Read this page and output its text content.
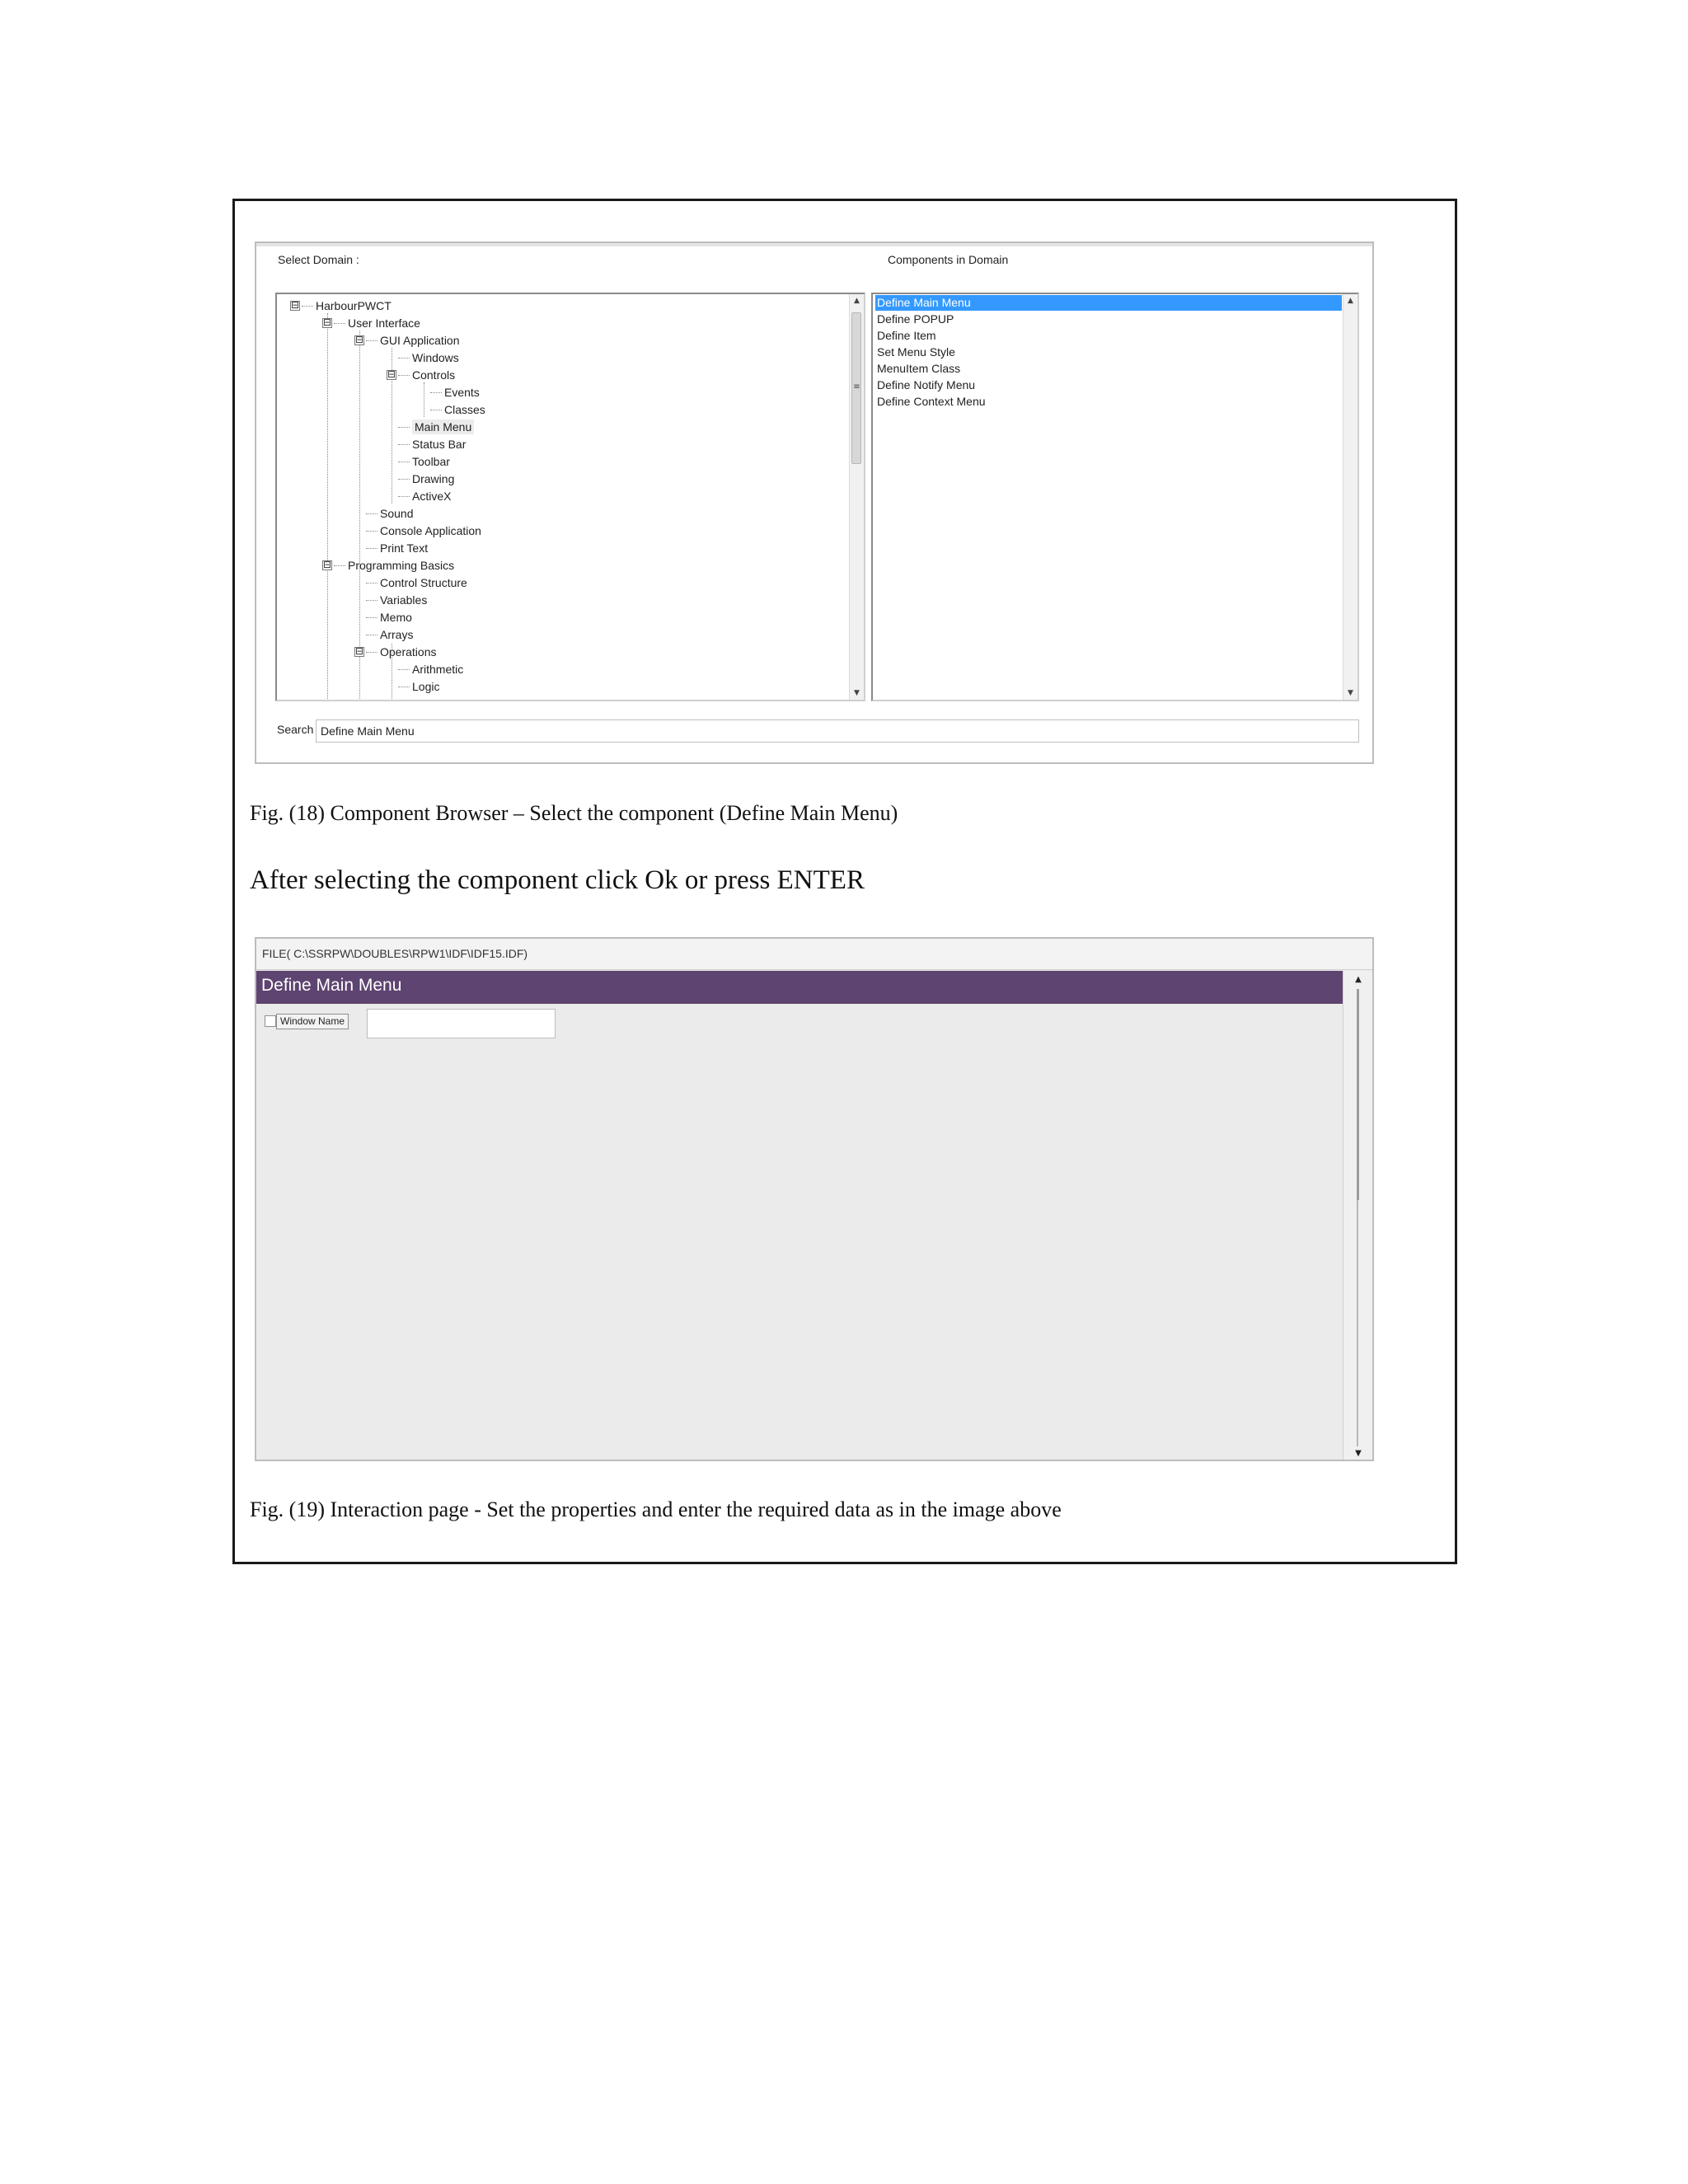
Select Domain :	Components in Domain
⊟ HarbourPWCT
⊟ User Interface
⊟ GUI Application
Windows
⊟ Controls
Events
Classes
Main Menu
Status Bar
Toolbar
Drawing
ActiveX
Sound
Console Application
Print Text
⊟ Programming Basics
Control Structure
Variables
Memo
Arrays
⊟ Operations
Arithmetic
Logic
▲
≡
▼
Define Main Menu
Define POPUP
Define Item
Set Menu Style
MenuItem Class
Define Notify Menu
Define Context Menu
▲
▼
Search Define Main Menu
Fig. (18) Component Browser – Select the component (Define Main Menu)
After selecting the component click Ok or press ENTER
FILE( C:\SSRPW\DOUBLES\RPW1\IDF\IDF15.IDF)
Define Main Menu
Window Name
▲
▼
Fig. (19) Interaction page - Set the properties and enter the required data as in the image above
